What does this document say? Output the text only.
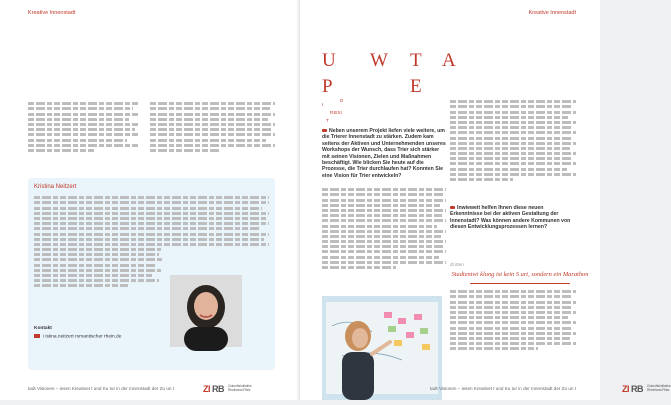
Kreative Innenstadt
Kristina Neitzert
Kontakt
i istina.neitzert romantischer rhein.de
tadt Visionen – iesen Kreativet t und Ku tur in der Innenstadt der Zu un t	ZI RB Zukunftsinitiative
Rheinland-Pfalz
Kreative Innenstadt
U W T A
P	E
I
D
RBSI
T
Neben unserem Projekt liefen viele weitere, um die Trierer Innenstadt zu stärken. Zudem kam seitens der Aktiven und Unternehmenden unseres Workshops der Wunsch, dass Trier sich stärker mit seinen Visionen, Zielen und Maßnahmen beschäftigt. Wie blicken Sie heute auf die Prozesse, die Trier durchlaufen hat? Konnten Sie eine Vision für Trier entwickeln?
Inwieweit helfen Ihnen diese neuen Erkenntnisse bei der aktiven Gestaltung der Innenstadt? Was können andere Kommunen von diesen Entwicklungsprozessen lernen?
dt itten
Stadtentwi klung ist kein S urt, sondern ein Marathon
ZI RB Zukunftsinitiative
Rheinland-Pfalz
tadt Visionen – iesen Kreativet t und Ku tur in der Innenstadt der Zu un t
